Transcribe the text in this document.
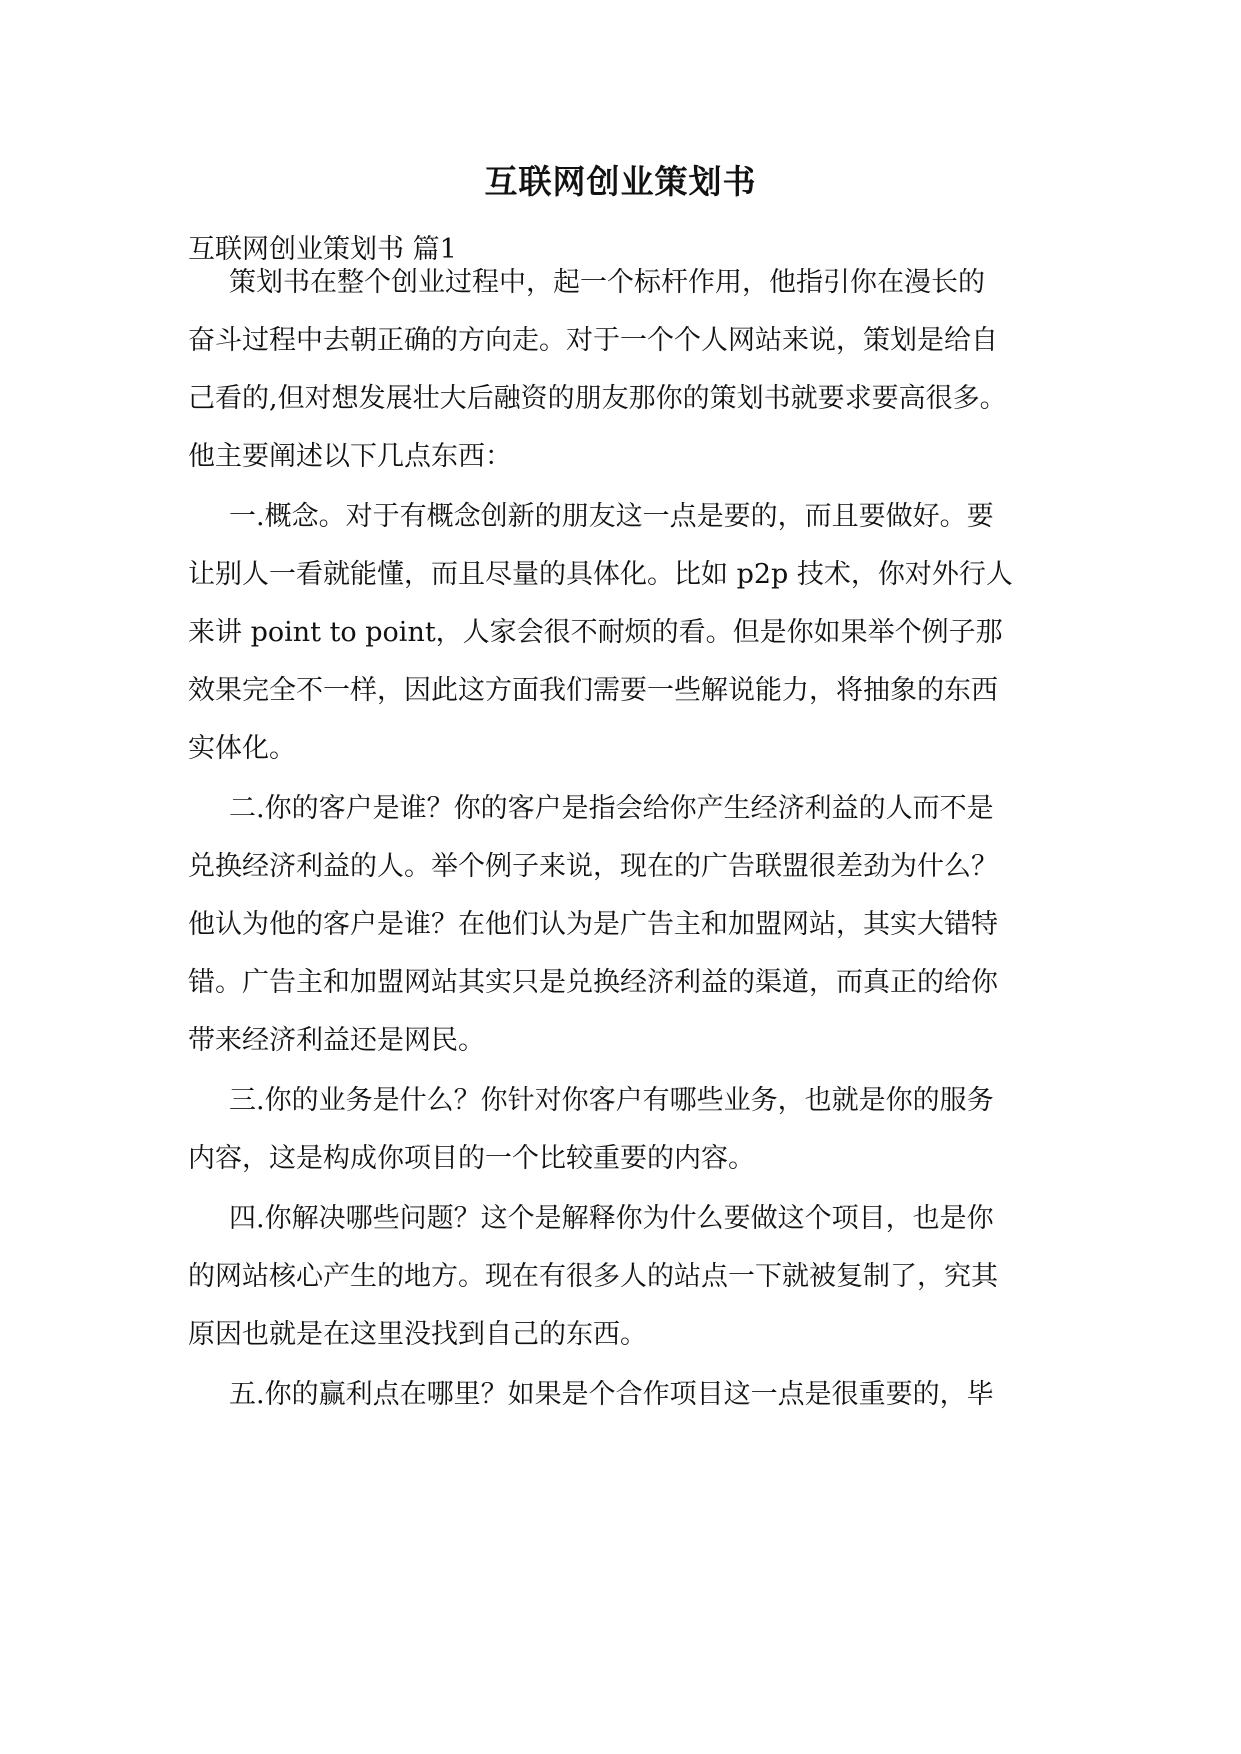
互联网创业策划书
互联网创业策划书 篇1
策划书在整个创业过程中，起一个标杆作用，他指引你在漫长的
奋斗过程中去朝正确的方向走。对于一个个人网站来说，策划是给自
己看的,但对想发展壮大后融资的朋友那你的策划书就要求要高很多。
他主要阐述以下几点东西：
一.概念。对于有概念创新的朋友这一点是要的，而且要做好。要
让别人一看就能懂，而且尽量的具体化。比如 p2p 技术，你对外行人
来讲 point to point，人家会很不耐烦的看。但是你如果举个例子那
效果完全不一样，因此这方面我们需要一些解说能力，将抽象的东西
实体化。
二.你的客户是谁？你的客户是指会给你产生经济利益的人而不是
兑换经济利益的人。举个例子来说，现在的广告联盟很差劲为什么？
他认为他的客户是谁？在他们认为是广告主和加盟网站，其实大错特
错。广告主和加盟网站其实只是兑换经济利益的渠道，而真正的给你
带来经济利益还是网民。
三.你的业务是什么？你针对你客户有哪些业务，也就是你的服务
内容，这是构成你项目的一个比较重要的内容。
四.你解决哪些问题？这个是解释你为什么要做这个项目，也是你
的网站核心产生的地方。现在有很多人的站点一下就被复制了，究其
原因也就是在这里没找到自己的东西。
五.你的赢利点在哪里？如果是个合作项目这一点是很重要的，毕
